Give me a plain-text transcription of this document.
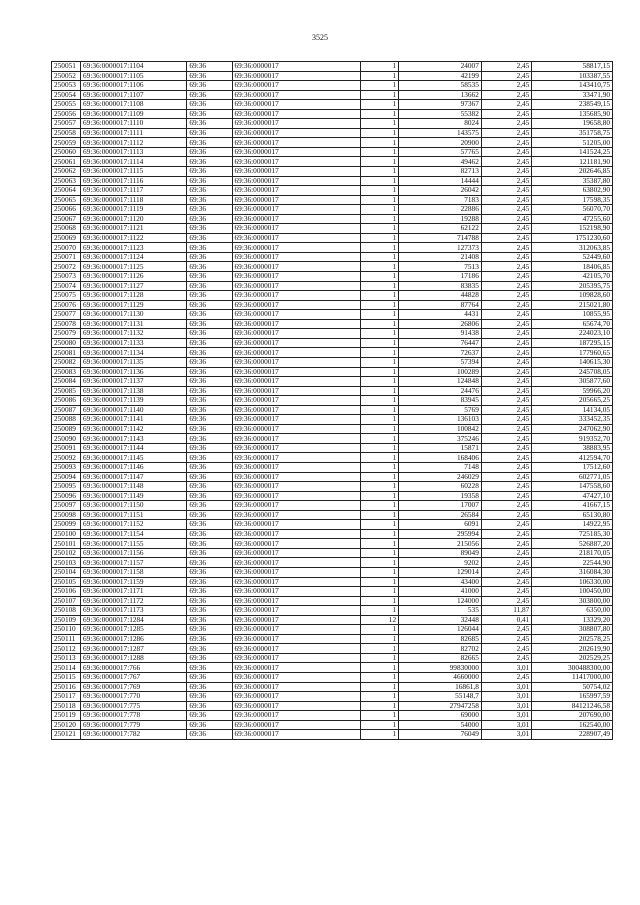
3525
250051	69:36:0000017:1104	69:36	69:36:0000017	1	24007	2,45	58817,15
250052	69:36:0000017:1105	69:36	69:36:0000017	1	42199	2,45	103387,55
250053	69:36:0000017:1106	69:36	69:36:0000017	1	58535	2,45	143410,75
250054	69:36:0000017:1107	69:36	69:36:0000017	1	13662	2,45	33471,90
250055	69:36:0000017:1108	69:36	69:36:0000017	1	97367	2,45	238549,15
250056	69:36:0000017:1109	69:36	69:36:0000017	1	55382	2,45	135685,90
250057	69:36:0000017:1110	69:36	69:36:0000017	1	8024	2,45	19658,80
250058	69:36:0000017:1111	69:36	69:36:0000017	1	143575	2,45	351758,75
250059	69:36:0000017:1112	69:36	69:36:0000017	1	20900	2,45	51205,00
250060	69:36:0000017:1113	69:36	69:36:0000017	1	57765	2,45	141524,25
250061	69:36:0000017:1114	69:36	69:36:0000017	1	49462	2,45	121181,90
250062	69:36:0000017:1115	69:36	69:36:0000017	1	82713	2,45	202646,85
250063	69:36:0000017:1116	69:36	69:36:0000017	1	14444	2,45	35387,80
250064	69:36:0000017:1117	69:36	69:36:0000017	1	26042	2,45	63802,90
250065	69:36:0000017:1118	69:36	69:36:0000017	1	7183	2,45	17598,35
250066	69:36:0000017:1119	69:36	69:36:0000017	1	22886	2,45	56070,70
250067	69:36:0000017:1120	69:36	69:36:0000017	1	19288	2,45	47255,60
250068	69:36:0000017:1121	69:36	69:36:0000017	1	62122	2,45	152198,90
250069	69:36:0000017:1122	69:36	69:36:0000017	1	714788	2,45	1751230,60
250070	69:36:0000017:1123	69:36	69:36:0000017	1	127373	2,45	312063,85
250071	69:36:0000017:1124	69:36	69:36:0000017	1	21408	2,45	52449,60
250072	69:36:0000017:1125	69:36	69:36:0000017	1	7513	2,45	18406,85
250073	69:36:0000017:1126	69:36	69:36:0000017	1	17186	2,45	42105,70
250074	69:36:0000017:1127	69:36	69:36:0000017	1	83835	2,45	205395,75
250075	69:36:0000017:1128	69:36	69:36:0000017	1	44828	2,45	109828,60
250076	69:36:0000017:1129	69:36	69:36:0000017	1	87764	2,45	215021,80
250077	69:36:0000017:1130	69:36	69:36:0000017	1	4431	2,45	10855,95
250078	69:36:0000017:1131	69:36	69:36:0000017	1	26806	2,45	65674,70
250079	69:36:0000017:1132	69:36	69:36:0000017	1	91438	2,45	224023,10
250080	69:36:0000017:1133	69:36	69:36:0000017	1	76447	2,45	187295,15
250081	69:36:0000017:1134	69:36	69:36:0000017	1	72637	2,45	177960,65
250082	69:36:0000017:1135	69:36	69:36:0000017	1	57394	2,45	140615,30
250083	69:36:0000017:1136	69:36	69:36:0000017	1	100289	2,45	245708,05
250084	69:36:0000017:1137	69:36	69:36:0000017	1	124848	2,45	305877,60
250085	69:36:0000017:1138	69:36	69:36:0000017	1	24476	2,45	59966,20
250086	69:36:0000017:1139	69:36	69:36:0000017	1	83945	2,45	205665,25
250087	69:36:0000017:1140	69:36	69:36:0000017	1	5769	2,45	14134,05
250088	69:36:0000017:1141	69:36	69:36:0000017	1	136103	2,45	333452,35
250089	69:36:0000017:1142	69:36	69:36:0000017	1	100842	2,45	247062,90
250090	69:36:0000017:1143	69:36	69:36:0000017	1	375246	2,45	919352,70
250091	69:36:0000017:1144	69:36	69:36:0000017	1	15871	2,45	38883,95
250092	69:36:0000017:1145	69:36	69:36:0000017	1	168406	2,45	412594,70
250093	69:36:0000017:1146	69:36	69:36:0000017	1	7148	2,45	17512,60
250094	69:36:0000017:1147	69:36	69:36:0000017	1	246029	2,45	602771,05
250095	69:36:0000017:1148	69:36	69:36:0000017	1	60228	2,45	147558,60
250096	69:36:0000017:1149	69:36	69:36:0000017	1	19358	2,45	47427,10
250097	69:36:0000017:1150	69:36	69:36:0000017	1	17007	2,45	41667,15
250098	69:36:0000017:1151	69:36	69:36:0000017	1	26584	2,45	65130,80
250099	69:36:0000017:1152	69:36	69:36:0000017	1	6091	2,45	14922,95
250100	69:36:0000017:1154	69:36	69:36:0000017	1	295994	2,45	725185,30
250101	69:36:0000017:1155	69:36	69:36:0000017	1	215056	2,45	526887,20
250102	69:36:0000017:1156	69:36	69:36:0000017	1	89049	2,45	218170,05
250103	69:36:0000017:1157	69:36	69:36:0000017	1	9202	2,45	22544,90
250104	69:36:0000017:1158	69:36	69:36:0000017	1	129014	2,45	316084,30
250105	69:36:0000017:1159	69:36	69:36:0000017	1	43400	2,45	106330,00
250106	69:36:0000017:1171	69:36	69:36:0000017	1	41000	2,45	100450,00
250107	69:36:0000017:1172	69:36	69:36:0000017	1	124000	2,45	303800,00
250108	69:36:0000017:1173	69:36	69:36:0000017	1	535	11,87	6350,00
250109	69:36:0000017:1284	69:36	69:36:0000017	12	32448	0,41	13329,20
250110	69:36:0000017:1285	69:36	69:36:0000017	1	126044	2,45	308807,80
250111	69:36:0000017:1286	69:36	69:36:0000017	1	82685	2,45	202578,25
250112	69:36:0000017:1287	69:36	69:36:0000017	1	82702	2,45	202619,90
250113	69:36:0000017:1288	69:36	69:36:0000017	1	82665	2,45	202529,25
250114	69:36:0000017:766	69:36	69:36:0000017	1	99830000	3,01	300488300,00
250115	69:36:0000017:767	69:36	69:36:0000017	1	4660000	2,45	11417000,00
250116	69:36:0000017:769	69:36	69:36:0000017	1	16861,8	3,01	50754,02
250117	69:36:0000017:770	69:36	69:36:0000017	1	55148,7	3,01	165997,59
250118	69:36:0000017:775	69:36	69:36:0000017	1	27947258	3,01	84121246,58
250119	69:36:0000017:778	69:36	69:36:0000017	1	69000	3,01	207690,00
250120	69:36:0000017:779	69:36	69:36:0000017	1	54000	3,01	162540,00
250121	69:36:0000017:782	69:36	69:36:0000017	1	76049	3,01	228907,49
